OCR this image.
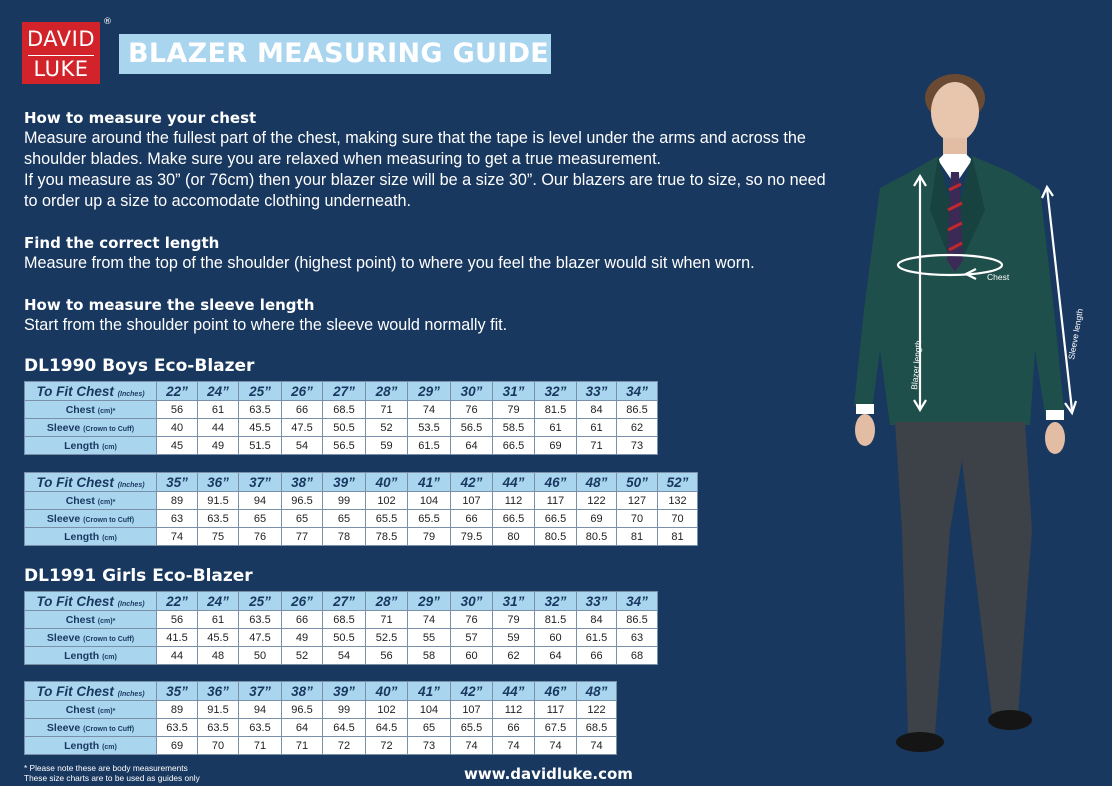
DAVID
LUKE
®
BLAZER MEASURING GUIDE
How to measure your chest

Measure around the fullest part of the chest, making sure that the tape is level under the arms and across the

shoulder blades. Make sure you are relaxed when measuring to get a true measurement.

If you measure as 30” (or 76cm) then your blazer size will be a size 30”. Our blazers are true to size, so no need

to order up a size to accomodate clothing underneath.

Find the correct length

Measure from the top of the shoulder (highest point) to where you feel the blazer would sit when worn.

How to measure the sleeve length

Start from the shoulder point to where the sleeve would normally fit.

DL1990 Boys Eco-Blazer
To Fit Chest (Inches)	22”	24”	25”	26”	27”	28”	29”	30”	31”	32”	33”	34”
Chest (cm)*	56	61	63.5	66	68.5	71	74	76	79	81.5	84	86.5
Sleeve (Crown to Cuff)	40	44	45.5	47.5	50.5	52	53.5	56.5	58.5	61	61	62
Length (cm)	45	49	51.5	54	56.5	59	61.5	64	66.5	69	71	73
To Fit Chest (Inches)	35”	36”	37”	38”	39”	40”	41”	42”	44”	46”	48”	50”	52”
Chest (cm)*	89	91.5	94	96.5	99	102	104	107	112	117	122	127	132
Sleeve (Crown to Cuff)	63	63.5	65	65	65	65.5	65.5	66	66.5	66.5	69	70	70
Length (cm)	74	75	76	77	78	78.5	79	79.5	80	80.5	80.5	81	81
DL1991 Girls Eco-Blazer
To Fit Chest (Inches)	22”	24”	25”	26”	27”	28”	29”	30”	31”	32”	33”	34”
Chest (cm)*	56	61	63.5	66	68.5	71	74	76	79	81.5	84	86.5
Sleeve (Crown to Cuff)	41.5	45.5	47.5	49	50.5	52.5	55	57	59	60	61.5	63
Length (cm)	44	48	50	52	54	56	58	60	62	64	66	68
To Fit Chest (Inches)	35”	36”	37”	38”	39”	40”	41”	42”	44”	46”	48”
Chest (cm)*	89	91.5	94	96.5	99	102	104	107	112	117	122
Sleeve (Crown to Cuff)	63.5	63.5	63.5	64	64.5	64.5	65	65.5	66	67.5	68.5
Length (cm)	69	70	71	71	72	72	73	74	74	74	74
Chest
Blazer length
Sleeve length
* Please note these are body measurements
These size charts are to be used as guides only	www.davidluke.com
